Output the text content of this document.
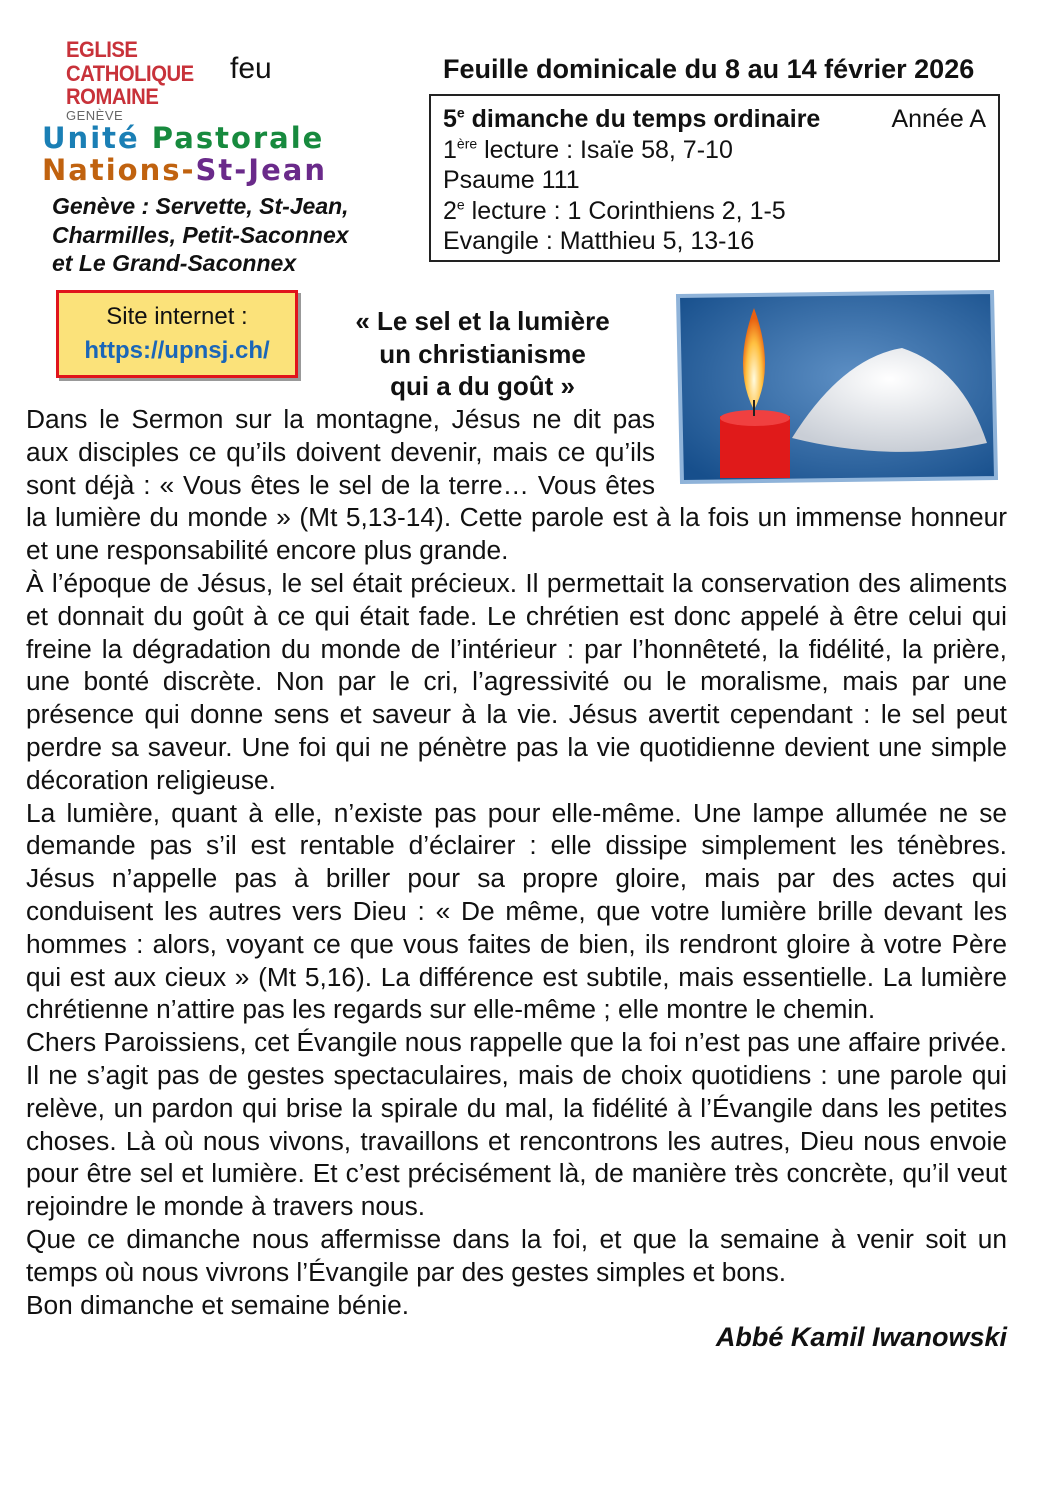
EGLISE
CATHOLIQUE
ROMAINE
GENÈVE
feu
Unité Pastorale
Nations-St-Jean
Genève : Servette, St-Jean,
Charmilles, Petit-Saconnex
et Le Grand-Saconnex
Feuille dominicale du 8 au 14 février 2026
5e dimanche du temps ordinaire	Année A
1ère lecture : Isaïe 58, 7-10
Psaume 111
2e lecture : 1 Corinthiens 2, 1-5
Evangile : Matthieu 5, 13-16
Site internet :
https://upnsj.ch/
« Le sel et la lumière
un christianisme
qui a du goût »

Dans le Sermon sur la montagne, Jésus ne dit pas aux disciples ce qu’ils doivent devenir, mais ce qu’ils sont déjà : « Vous êtes le sel de la terre… Vous êtes la lumière du monde » (Mt 5,13-14). Cette parole est à la fois un immense honneur et une responsabilité encore plus grande.

À l’époque de Jésus, le sel était précieux. Il permettait la conservation des aliments et donnait du goût à ce qui était fade. Le chrétien est donc appelé à être celui qui freine la dégradation du monde de l’intérieur : par l’honnêteté, la fidélité, la prière, une bonté discrète. Non par le cri, l’agressivité ou le moralisme, mais par une présence qui donne sens et saveur à la vie. Jésus avertit cependant : le sel peut perdre sa saveur. Une foi qui ne pénètre pas la vie quotidienne devient une simple décoration religieuse.

La lumière, quant à elle, n’existe pas pour elle-même. Une lampe allumée ne se demande pas s’il est rentable d’éclairer : elle dissipe simplement les ténèbres. Jésus n’appelle pas à briller pour sa propre gloire, mais par des actes qui conduisent les autres vers Dieu : « De même, que votre lumière brille devant les hommes : alors, voyant ce que vous faites de bien, ils rendront gloire à votre Père qui est aux cieux » (Mt 5,16). La différence est subtile, mais essentielle. La lumière chrétienne n’attire pas les regards sur elle-même ; elle montre le chemin.

Chers Paroissiens, cet Évangile nous rappelle que la foi n’est pas une affaire privée. Il ne s’agit pas de gestes spectaculaires, mais de choix quotidiens : une parole qui relève, un pardon qui brise la spirale du mal, la fidélité à l’Évangile dans les petites choses. Là où nous vivons, travaillons et rencontrons les autres, Dieu nous envoie pour être sel et lumière. Et c’est précisément là, de manière très concrète, qu’il veut rejoindre le monde à travers nous.

Que ce dimanche nous affermisse dans la foi, et que la semaine à venir soit un temps où nous vivrons l’Évangile par des gestes simples et bons.

Bon dimanche et semaine bénie.

Abbé Kamil Iwanowski
